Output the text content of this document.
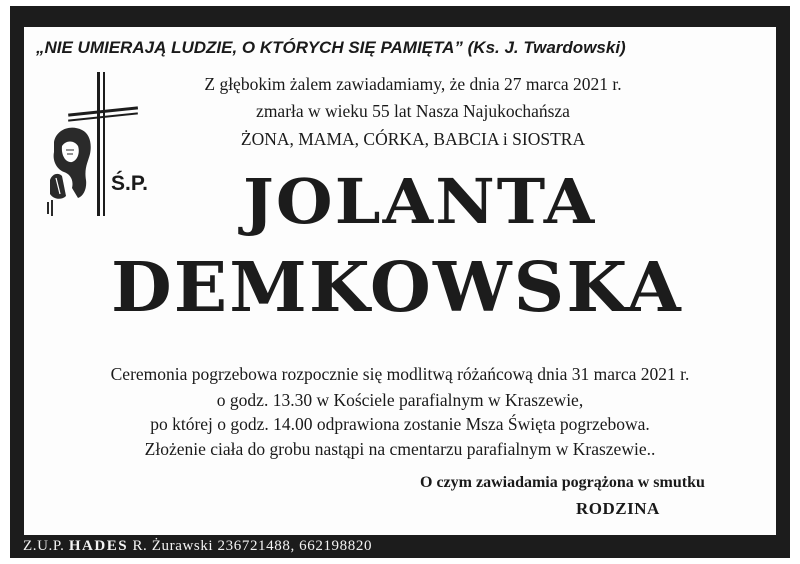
„NIE UMIERAJĄ LUDZIE, O KTÓRYCH SIĘ PAMIĘTA” (Ks. J. Twardowski)
Z głębokim żalem zawiadamiamy, że dnia 27 marca 2021 r.
zmarła w wieku 55 lat Nasza Najukochańsza
ŻONA, MAMA, CÓRKA, BABCIA i SIOSTRA
Ś.P. JOLANTA
DEMKOWSKA
Ceremonia pogrzebowa rozpocznie się modlitwą różańcową dnia 31 marca 2021 r.
o godz. 13.30 w Kościele parafialnym w Kraszewie,
po której o godz. 14.00 odprawiona zostanie Msza Święta pogrzebowa.
Złożenie ciała do grobu nastąpi na cmentarzu parafialnym w Kraszewie..
O czym zawiadamia pogrążona w smutku
RODZINA
Z.U.P. HADES R. Żurawski 236721488, 662198820
